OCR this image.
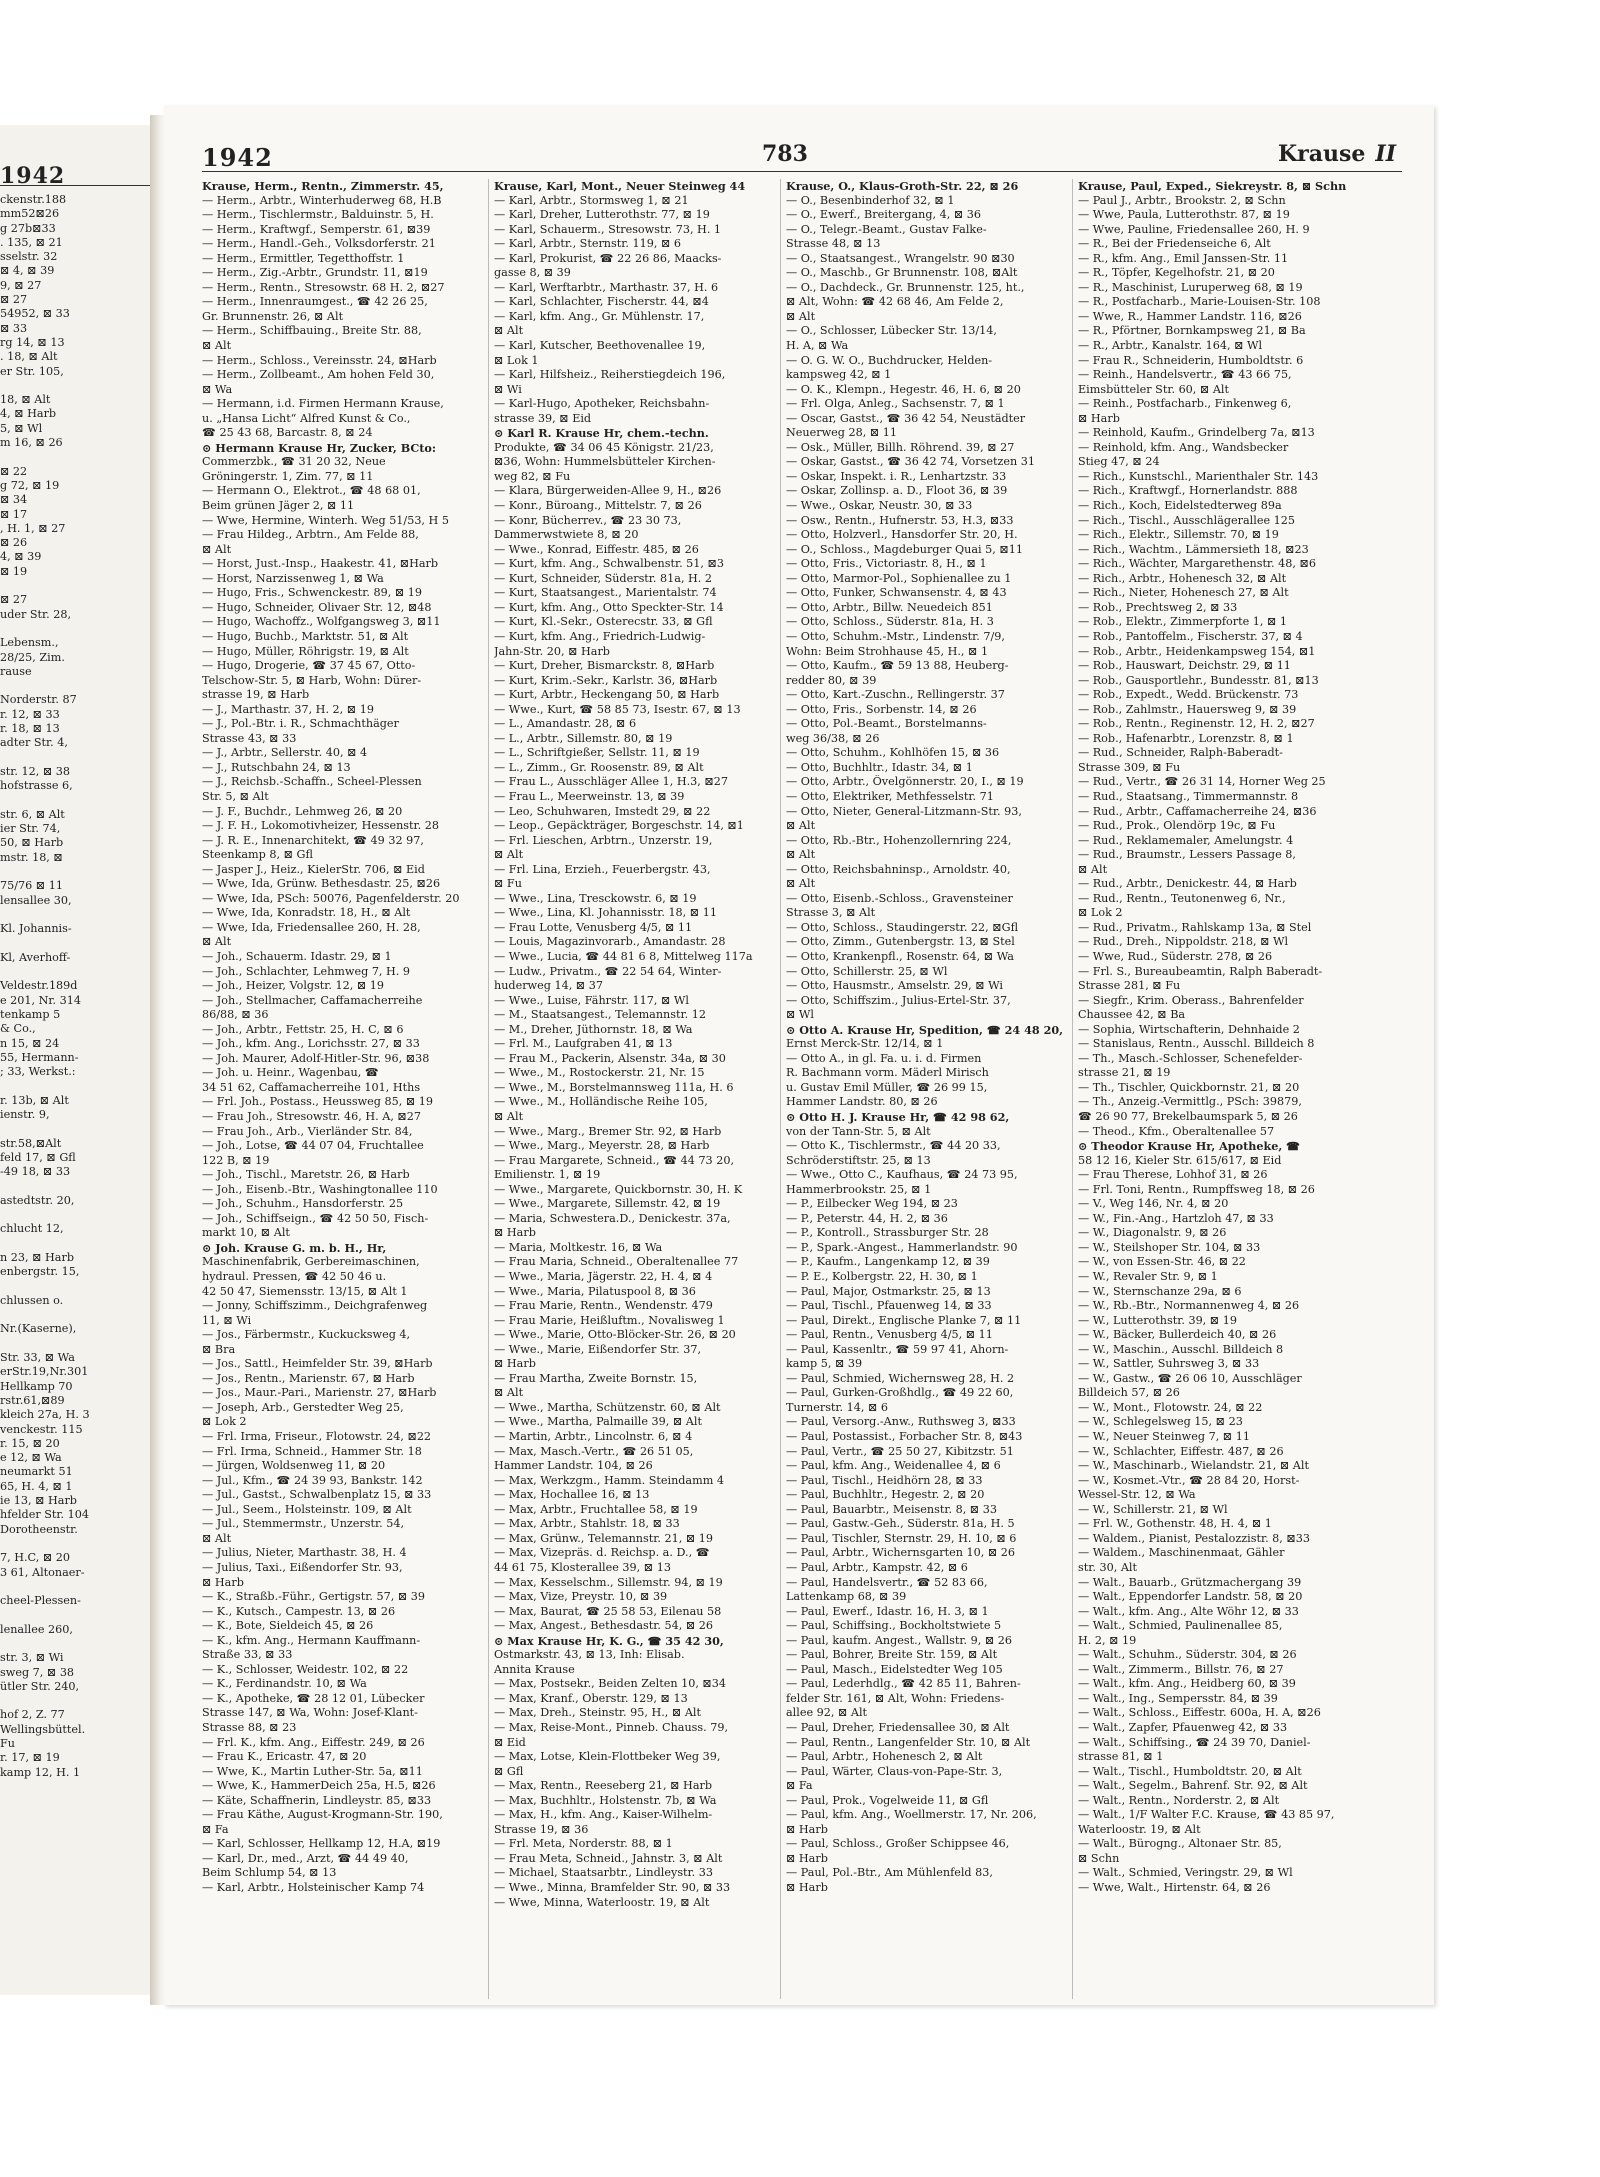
1942
ckenstr.188
mm52⊠26
g 27b⊠33
. 135, ⊠ 21
sselstr. 32
⊠ 4, ⊠ 39
9, ⊠ 27
⊠ 27
54952, ⊠ 33
⊠ 33
rg 14, ⊠ 13
. 18, ⊠ Alt
er Str. 105,
18, ⊠ Alt
4, ⊠ Harb
5, ⊠ Wl
m 16, ⊠ 26
⊠ 22
g 72, ⊠ 19
⊠ 34
⊠ 17
, H. 1, ⊠ 27
⊠ 26
4, ⊠ 39
⊠ 19
⊠ 27
uder Str. 28,
Lebensm.,
28/25, Zim.
rause
Norderstr. 87
r. 12, ⊠ 33
r. 18, ⊠ 13
adter Str. 4,
str. 12, ⊠ 38
hofstrasse 6,
str. 6, ⊠ Alt
ier Str. 74,
50, ⊠ Harb
mstr. 18, ⊠
75/76 ⊠ 11
lensallee 30,
Kl. Johannis-
Kl, Averhoff-
Veldestr.189d
e 201, Nr. 314
tenkamp 5
& Co.,
n 15, ⊠ 24
55, Hermann-
; 33, Werkst.:
r. 13b, ⊠ Alt
ienstr. 9,
str.58,⊠Alt
feld 17, ⊠ Gfl
-49 18, ⊠ 33
astedtstr. 20,
chlucht 12,
n 23, ⊠ Harb
enbergstr. 15,
chlussen o.
Nr.(Kaserne),
Str. 33, ⊠ Wa
erStr.19,Nr.301
Hellkamp 70
rstr.61,⊠89
kleich 27a, H. 3
venckestr. 115
r. 15, ⊠ 20
e 12, ⊠ Wa
neumarkt 51
65, H. 4, ⊠ 1
ie 13, ⊠ Harb
hfelder Str. 104
Dorotheenstr.
7, H.C, ⊠ 20
3 61, Altonaer-
cheel-Plessen-
lenallee 260,
str. 3, ⊠ Wi
sweg 7, ⊠ 38
ütler Str. 240,
hof 2, Z. 77
Wellingsbüttel.
Fu
r. 17, ⊠ 19
kamp 12, H. 1
1942	783	Krause II
Krause, Herm., Rentn., Zimmerstr. 45,
— Herm., Arbtr., Winterhuderweg 68, H.B
— Herm., Tischlermstr., Balduinstr. 5, H.
— Herm., Kraftwgf., Semperstr. 61, ⊠39
— Herm., Handl.-Geh., Volksdorferstr. 21
— Herm., Ermittler, Tegetthoffstr. 1
— Herm., Zig.-Arbtr., Grundstr. 11, ⊠19
— Herm., Rentn., Stresowstr. 68 H. 2, ⊠27
— Herm., Innenraumgest., ☎ 42 26 25,
Gr. Brunnenstr. 26, ⊠ Alt
— Herm., Schiffbauing., Breite Str. 88,
⊠ Alt
— Herm., Schloss., Vereinsstr. 24, ⊠Harb
— Herm., Zollbeamt., Am hohen Feld 30,
⊠ Wa
— Hermann, i.d. Firmen Hermann Krause,
u. „Hansa Licht“ Alfred Kunst & Co.,
☎ 25 43 68, Barcastr. 8, ⊠ 24
⊙ Hermann Krause Hr, Zucker, BCto:
Commerzbk., ☎ 31 20 32, Neue
Gröningerstr. 1, Zim. 77, ⊠ 11
— Hermann O., Elektrot., ☎ 48 68 01,
Beim grünen Jäger 2, ⊠ 11
— Wwe, Hermine, Winterh. Weg 51/53, H 5
— Frau Hildeg., Arbtrn., Am Felde 88,
⊠ Alt
— Horst, Just.-Insp., Haakestr. 41, ⊠Harb
— Horst, Narzissenweg 1, ⊠ Wa
— Hugo, Fris., Schwenckestr. 89, ⊠ 19
— Hugo, Schneider, Olivaer Str. 12, ⊠48
— Hugo, Wachoffz., Wolfgangsweg 3, ⊠11
— Hugo, Buchb., Marktstr. 51, ⊠ Alt
— Hugo, Müller, Röhrigstr. 19, ⊠ Alt
— Hugo, Drogerie, ☎ 37 45 67, Otto-
Telschow-Str. 5, ⊠ Harb, Wohn: Dürer-
strasse 19, ⊠ Harb
— J., Marthastr. 37, H. 2, ⊠ 19
— J., Pol.-Btr. i. R., Schmachthäger
Strasse 43, ⊠ 33
— J., Arbtr., Sellerstr. 40, ⊠ 4
— J., Rutschbahn 24, ⊠ 13
— J., Reichsb.-Schaffn., Scheel-Plessen
Str. 5, ⊠ Alt
— J. F., Buchdr., Lehmweg 26, ⊠ 20
— J. F. H., Lokomotivheizer, Hessenstr. 28
— J. R. E., Innenarchitekt, ☎ 49 32 97,
Steenkamp 8, ⊠ Gfl
— Jasper J., Heiz., KielerStr. 706, ⊠ Eid
— Wwe, Ida, Grünw. Bethesdastr. 25, ⊠26
— Wwe, Ida, PSch: 50076, Pagenfelderstr. 20
— Wwe, Ida, Konradstr. 18, H., ⊠ Alt
— Wwe, Ida, Friedensallee 260, H. 28,
⊠ Alt
— Joh., Schauerm. Idastr. 29, ⊠ 1
— Joh., Schlachter, Lehmweg 7, H. 9
— Joh., Heizer, Volgstr. 12, ⊠ 19
— Joh., Stellmacher, Caffamacherreihe
86/88, ⊠ 36
— Joh., Arbtr., Fettstr. 25, H. C, ⊠ 6
— Joh., kfm. Ang., Lorichsstr. 27, ⊠ 33
— Joh. Maurer, Adolf-Hitler-Str. 96, ⊠38
— Joh. u. Heinr., Wagenbau, ☎
34 51 62, Caffamacherreihe 101, Hths
— Frl. Joh., Postass., Heussweg 85, ⊠ 19
— Frau Joh., Stresowstr. 46, H. A, ⊠27
— Frau Joh., Arb., Vierländer Str. 84,
— Joh., Lotse, ☎ 44 07 04, Fruchtallee
122 B, ⊠ 19
— Joh., Tischl., Maretstr. 26, ⊠ Harb
— Joh., Eisenb.-Btr., Washingtonallee 110
— Joh., Schuhm., Hansdorferstr. 25
— Joh., Schiffseign., ☎ 42 50 50, Fisch-
markt 10, ⊠ Alt
⊙ Joh. Krause G. m. b. H., Hr,
Maschinenfabrik, Gerbereimaschinen,
hydraul. Pressen, ☎ 42 50 46 u.
42 50 47, Siemensstr. 13/15, ⊠ Alt 1
— Jonny, Schiffszimm., Deichgrafenweg
11, ⊠ Wi
— Jos., Färbermstr., Kuckucksweg 4,
⊠ Bra
— Jos., Sattl., Heimfelder Str. 39, ⊠Harb
— Jos., Rentn., Marienstr. 67, ⊠ Harb
— Jos., Maur.-Pari., Marienstr. 27, ⊠Harb
— Joseph, Arb., Gerstedter Weg 25,
⊠ Lok 2
— Frl. Irma, Friseur., Flotowstr. 24, ⊠22
— Frl. Irma, Schneid., Hammer Str. 18
— Jürgen, Woldsenweg 11, ⊠ 20
— Jul., Kfm., ☎ 24 39 93, Bankstr. 142
— Jul., Gastst., Schwalbenplatz 15, ⊠ 33
— Jul., Seem., Holsteinstr. 109, ⊠ Alt
— Jul., Stemmermstr., Unzerstr. 54,
⊠ Alt
— Julius, Nieter, Marthastr. 38, H. 4
— Julius, Taxi., Eißendorfer Str. 93,
⊠ Harb
— K., Straßb.-Führ., Gertigstr. 57, ⊠ 39
— K., Kutsch., Campestr. 13, ⊠ 26
— K., Bote, Sieldeich 45, ⊠ 26
— K., kfm. Ang., Hermann Kauffmann-
Straße 33, ⊠ 33
— K., Schlosser, Weidestr. 102, ⊠ 22
— K., Ferdinandstr. 10, ⊠ Wa
— K., Apotheke, ☎ 28 12 01, Lübecker
Strasse 147, ⊠ Wa, Wohn: Josef-Klant-
Strasse 88, ⊠ 23
— Frl. K., kfm. Ang., Eiffestr. 249, ⊠ 26
— Frau K., Ericastr. 47, ⊠ 20
— Wwe, K., Martin Luther-Str. 5a, ⊠11
— Wwe, K., HammerDeich 25a, H.5, ⊠26
— Käte, Schaffnerin, Lindleystr. 85, ⊠33
— Frau Käthe, August-Krogmann-Str. 190,
⊠ Fa
— Karl, Schlosser, Hellkamp 12, H.A, ⊠19
— Karl, Dr., med., Arzt, ☎ 44 49 40,
Beim Schlump 54, ⊠ 13
— Karl, Arbtr., Holsteinischer Kamp 74
Krause, Karl, Mont., Neuer Steinweg 44
— Karl, Arbtr., Stormsweg 1, ⊠ 21
— Karl, Dreher, Lutterothstr. 77, ⊠ 19
— Karl, Schauerm., Stresowstr. 73, H. 1
— Karl, Arbtr., Sternstr. 119, ⊠ 6
— Karl, Prokurist, ☎ 22 26 86, Maacks-
gasse 8, ⊠ 39
— Karl, Werftarbtr., Marthastr. 37, H. 6
— Karl, Schlachter, Fischerstr. 44, ⊠4
— Karl, kfm. Ang., Gr. Mühlenstr. 17,
⊠ Alt
— Karl, Kutscher, Beethovenallee 19,
⊠ Lok 1
— Karl, Hilfsheiz., Reiherstiegdeich 196,
⊠ Wi
— Karl-Hugo, Apotheker, Reichsbahn-
strasse 39, ⊠ Eid
⊙ Karl R. Krause Hr, chem.-techn.
Produkte, ☎ 34 06 45 Königstr. 21/23,
⊠36, Wohn: Hummelsbütteler Kirchen-
weg 82, ⊠ Fu
— Klara, Bürgerweiden-Allee 9, H., ⊠26
— Konr., Büroang., Mittelstr. 7, ⊠ 26
— Konr, Bücherrev., ☎ 23 30 73,
Dammerwstwiete 8, ⊠ 20
— Wwe., Konrad, Eiffestr. 485, ⊠ 26
— Kurt, kfm. Ang., Schwalbenstr. 51, ⊠3
— Kurt, Schneider, Süderstr. 81a, H. 2
— Kurt, Staatsangest., Marientalstr. 74
— Kurt, kfm. Ang., Otto Speckter-Str. 14
— Kurt, Kl.-Sekr., Osterecstr. 33, ⊠ Gfl
— Kurt, kfm. Ang., Friedrich-Ludwig-
Jahn-Str. 20, ⊠ Harb
— Kurt, Dreher, Bismarckstr. 8, ⊠Harb
— Kurt, Krim.-Sekr., Karlstr. 36, ⊠Harb
— Kurt, Arbtr., Heckengang 50, ⊠ Harb
— Wwe., Kurt, ☎ 58 85 73, Isestr. 67, ⊠ 13
— L., Amandastr. 28, ⊠ 6
— L., Arbtr., Sillemstr. 80, ⊠ 19
— L., Schriftgießer, Sellstr. 11, ⊠ 19
— L., Zimm., Gr. Roosenstr. 89, ⊠ Alt
— Frau L., Ausschläger Allee 1, H.3, ⊠27
— Frau L., Meerweinstr. 13, ⊠ 39
— Leo, Schuhwaren, Imstedt 29, ⊠ 22
— Leop., Gepäckträger, Borgeschstr. 14, ⊠1
— Frl. Lieschen, Arbtrn., Unzerstr. 19,
⊠ Alt
— Frl. Lina, Erzieh., Feuerbergstr. 43,
⊠ Fu
— Wwe., Lina, Tresckowstr. 6, ⊠ 19
— Wwe., Lina, Kl. Johannisstr. 18, ⊠ 11
— Frau Lotte, Venusberg 4/5, ⊠ 11
— Louis, Magazinvorarb., Amandastr. 28
— Wwe., Lucia, ☎ 44 81 6 8, Mittelweg 117a
— Ludw., Privatm., ☎ 22 54 64, Winter-
huderweg 14, ⊠ 37
— Wwe., Luise, Fährstr. 117, ⊠ Wl
— M., Staatsangest., Telemannstr. 12
— M., Dreher, Jüthornstr. 18, ⊠ Wa
— Frl. M., Laufgraben 41, ⊠ 13
— Frau M., Packerin, Alsenstr. 34a, ⊠ 30
— Wwe., M., Rostockerstr. 21, Nr. 15
— Wwe., M., Borstelmannsweg 111a, H. 6
— Wwe., M., Holländische Reihe 105,
⊠ Alt
— Wwe., Marg., Bremer Str. 92, ⊠ Harb
— Wwe., Marg., Meyerstr. 28, ⊠ Harb
— Frau Margarete, Schneid., ☎ 44 73 20,
Emilienstr. 1, ⊠ 19
— Wwe., Margarete, Quickbornstr. 30, H. K
— Wwe., Margarete, Sillemstr. 42, ⊠ 19
— Maria, Schwestera.D., Denickestr. 37a,
⊠ Harb
— Maria, Moltkestr. 16, ⊠ Wa
— Frau Maria, Schneid., Oberaltenallee 77
— Wwe., Maria, Jägerstr. 22, H. 4, ⊠ 4
— Wwe., Maria, Pilatuspool 8, ⊠ 36
— Frau Marie, Rentn., Wendenstr. 479
— Frau Marie, Heißluftm., Novalisweg 1
— Wwe., Marie, Otto-Blöcker-Str. 26, ⊠ 20
— Wwe., Marie, Eißendorfer Str. 37,
⊠ Harb
— Frau Martha, Zweite Bornstr. 15,
⊠ Alt
— Wwe., Martha, Schützenstr. 60, ⊠ Alt
— Wwe., Martha, Palmaille 39, ⊠ Alt
— Martin, Arbtr., Lincolnstr. 6, ⊠ 4
— Max, Masch.-Vertr., ☎ 26 51 05,
Hammer Landstr. 104, ⊠ 26
— Max, Werkzgm., Hamm. Steindamm 4
— Max, Hochallee 16, ⊠ 13
— Max, Arbtr., Fruchtallee 58, ⊠ 19
— Max, Arbtr., Stahlstr. 18, ⊠ 33
— Max, Grünw., Telemannstr. 21, ⊠ 19
— Max, Vizepräs. d. Reichsp. a. D., ☎
44 61 75, Klosterallee 39, ⊠ 13
— Max, Kesselschm., Sillemstr. 94, ⊠ 19
— Max, Vize, Preystr. 10, ⊠ 39
— Max, Baurat, ☎ 25 58 53, Eilenau 58
— Max, Angest., Bethesdastr. 54, ⊠ 26
⊙ Max Krause Hr, K. G., ☎ 35 42 30,
Ostmarkstr. 43, ⊠ 13, Inh: Elisab.
Annita Krause
— Max, Postsekr., Beiden Zelten 10, ⊠34
— Max, Kranf., Oberstr. 129, ⊠ 13
— Max, Dreh., Steinstr. 95, H., ⊠ Alt
— Max, Reise-Mont., Pinneb. Chauss. 79,
⊠ Eid
— Max, Lotse, Klein-Flottbeker Weg 39,
⊠ Gfl
— Max, Rentn., Reeseberg 21, ⊠ Harb
— Max, Buchhltr., Holstenstr. 7b, ⊠ Wa
— Max, H., kfm. Ang., Kaiser-Wilhelm-
Strasse 19, ⊠ 36
— Frl. Meta, Norderstr. 88, ⊠ 1
— Frau Meta, Schneid., Jahnstr. 3, ⊠ Alt
— Michael, Staatsarbtr., Lindleystr. 33
— Wwe., Minna, Bramfelder Str. 90, ⊠ 33
— Wwe, Minna, Waterloostr. 19, ⊠ Alt
Krause, O., Klaus-Groth-Str. 22, ⊠ 26
— O., Besenbinderhof 32, ⊠ 1
— O., Ewerf., Breitergang, 4, ⊠ 36
— O., Telegr.-Beamt., Gustav Falke-
Strasse 48, ⊠ 13
— O., Staatsangest., Wrangelstr. 90 ⊠30
— O., Maschb., Gr Brunnenstr. 108, ⊠Alt
— O., Dachdeck., Gr. Brunnenstr. 125, ht.,
⊠ Alt, Wohn: ☎ 42 68 46, Am Felde 2,
⊠ Alt
— O., Schlosser, Lübecker Str. 13/14,
H. A, ⊠ Wa
— O. G. W. O., Buchdrucker, Helden-
kampsweg 42, ⊠ 1
— O. K., Klempn., Hegestr. 46, H. 6, ⊠ 20
— Frl. Olga, Anleg., Sachsenstr. 7, ⊠ 1
— Oscar, Gastst., ☎ 36 42 54, Neustädter
Neuerweg 28, ⊠ 11
— Osk., Müller, Billh. Röhrend. 39, ⊠ 27
— Oskar, Gastst., ☎ 36 42 74, Vorsetzen 31
— Oskar, Inspekt. i. R., Lenhartzstr. 33
— Oskar, Zollinsp. a. D., Floot 36, ⊠ 39
— Wwe., Oskar, Neustr. 30, ⊠ 33
— Osw., Rentn., Hufnerstr. 53, H.3, ⊠33
— Otto, Holzverl., Hansdorfer Str. 20, H.
— O., Schloss., Magdeburger Quai 5, ⊠11
— Otto, Fris., Victoriastr. 8, H., ⊠ 1
— Otto, Marmor-Pol., Sophienallee zu 1
— Otto, Funker, Schwansenstr. 4, ⊠ 43
— Otto, Arbtr., Billw. Neuedeich 851
— Otto, Schloss., Süderstr. 81a, H. 3
— Otto, Schuhm.-Mstr., Lindenstr. 7/9,
Wohn: Beim Strohhause 45, H., ⊠ 1
— Otto, Kaufm., ☎ 59 13 88, Heuberg-
redder 80, ⊠ 39
— Otto, Kart.-Zuschn., Rellingerstr. 37
— Otto, Fris., Sorbenstr. 14, ⊠ 26
— Otto, Pol.-Beamt., Borstelmanns-
weg 36/38, ⊠ 26
— Otto, Schuhm., Kohlhöfen 15, ⊠ 36
— Otto, Buchhltr., Idastr. 34, ⊠ 1
— Otto, Arbtr., Övelgönnerstr. 20, I., ⊠ 19
— Otto, Elektriker, Methfesselstr. 71
— Otto, Nieter, General-Litzmann-Str. 93,
⊠ Alt
— Otto, Rb.-Btr., Hohenzollernring 224,
⊠ Alt
— Otto, Reichsbahninsp., Arnoldstr. 40,
⊠ Alt
— Otto, Eisenb.-Schloss., Gravensteiner
Strasse 3, ⊠ Alt
— Otto, Schloss., Staudingerstr. 22, ⊠Gfl
— Otto, Zimm., Gutenbergstr. 13, ⊠ Stel
— Otto, Krankenpfl., Rosenstr. 64, ⊠ Wa
— Otto, Schillerstr. 25, ⊠ Wl
— Otto, Hausmstr., Amselstr. 29, ⊠ Wi
— Otto, Schiffszim., Julius-Ertel-Str. 37,
⊠ Wl
⊙ Otto A. Krause Hr, Spedition, ☎ 24 48 20,
Ernst Merck-Str. 12/14, ⊠ 1
— Otto A., in gl. Fa. u. i. d. Firmen
R. Bachmann vorm. Mäderl Mirisch
u. Gustav Emil Müller, ☎ 26 99 15,
Hammer Landstr. 80, ⊠ 26
⊙ Otto H. J. Krause Hr, ☎ 42 98 62,
von der Tann-Str. 5, ⊠ Alt
— Otto K., Tischlermstr., ☎ 44 20 33,
Schröderstiftstr. 25, ⊠ 13
— Wwe., Otto C., Kaufhaus, ☎ 24 73 95,
Hammerbrookstr. 25, ⊠ 1
— P., Eilbecker Weg 194, ⊠ 23
— P., Peterstr. 44, H. 2, ⊠ 36
— P., Kontroll., Strassburger Str. 28
— P., Spark.-Angest., Hammerlandstr. 90
— P., Kaufm., Langenkamp 12, ⊠ 39
— P. E., Kolbergstr. 22, H. 30, ⊠ 1
— Paul, Major, Ostmarkstr. 25, ⊠ 13
— Paul, Tischl., Pfauenweg 14, ⊠ 33
— Paul, Direkt., Englische Planke 7, ⊠ 11
— Paul, Rentn., Venusberg 4/5, ⊠ 11
— Paul, Kassenltr., ☎ 59 97 41, Ahorn-
kamp 5, ⊠ 39
— Paul, Schmied, Wichernsweg 28, H. 2
— Paul, Gurken-Großhdlg., ☎ 49 22 60,
Turnerstr. 14, ⊠ 6
— Paul, Versorg.-Anw., Ruthsweg 3, ⊠33
— Paul, Postassist., Forbacher Str. 8, ⊠43
— Paul, Vertr., ☎ 25 50 27, Kibitzstr. 51
— Paul, kfm. Ang., Weidenallee 4, ⊠ 6
— Paul, Tischl., Heidhörn 28, ⊠ 33
— Paul, Buchhltr., Hegestr. 2, ⊠ 20
— Paul, Bauarbtr., Meisenstr. 8, ⊠ 33
— Paul, Gastw.-Geh., Süderstr. 81a, H. 5
— Paul, Tischler, Sternstr. 29, H. 10, ⊠ 6
— Paul, Arbtr., Wichernsgarten 10, ⊠ 26
— Paul, Arbtr., Kampstr. 42, ⊠ 6
— Paul, Handelsvertr., ☎ 52 83 66,
Lattenkamp 68, ⊠ 39
— Paul, Ewerf., Idastr. 16, H. 3, ⊠ 1
— Paul, Schiffsing., Bockholtstwiete 5
— Paul, kaufm. Angest., Wallstr. 9, ⊠ 26
— Paul, Bohrer, Breite Str. 159, ⊠ Alt
— Paul, Masch., Eidelstedter Weg 105
— Paul, Lederhdlg., ☎ 42 85 11, Bahren-
felder Str. 161, ⊠ Alt, Wohn: Friedens-
allee 92, ⊠ Alt
— Paul, Dreher, Friedensallee 30, ⊠ Alt
— Paul, Rentn., Langenfelder Str. 10, ⊠ Alt
— Paul, Arbtr., Hohenesch 2, ⊠ Alt
— Paul, Wärter, Claus-von-Pape-Str. 3,
⊠ Fa
— Paul, Prok., Vogelweide 11, ⊠ Gfl
— Paul, kfm. Ang., Woellmerstr. 17, Nr. 206,
⊠ Harb
— Paul, Schloss., Großer Schippsee 46,
⊠ Harb
— Paul, Pol.-Btr., Am Mühlenfeld 83,
⊠ Harb
Krause, Paul, Exped., Siekreystr. 8, ⊠ Schn
— Paul J., Arbtr., Brookstr. 2, ⊠ Schn
— Wwe, Paula, Lutterothstr. 87, ⊠ 19
— Wwe, Pauline, Friedensallee 260, H. 9
— R., Bei der Friedenseiche 6, Alt
— R., kfm. Ang., Emil Janssen-Str. 11
— R., Töpfer, Kegelhofstr. 21, ⊠ 20
— R., Maschinist, Luruperweg 68, ⊠ 19
— R., Postfacharb., Marie-Louisen-Str. 108
— Wwe, R., Hammer Landstr. 116, ⊠26
— R., Pförtner, Bornkampsweg 21, ⊠ Ba
— R., Arbtr., Kanalstr. 164, ⊠ Wl
— Frau R., Schneiderin, Humboldtstr. 6
— Reinh., Handelsvertr., ☎ 43 66 75,
Eimsbütteler Str. 60, ⊠ Alt
— Reinh., Postfacharb., Finkenweg 6,
⊠ Harb
— Reinhold, Kaufm., Grindelberg 7a, ⊠13
— Reinhold, kfm. Ang., Wandsbecker
Stieg 47, ⊠ 24
— Rich., Kunstschl., Marienthaler Str. 143
— Rich., Kraftwgf., Hornerlandstr. 888
— Rich., Koch, Eidelstedterweg 89a
— Rich., Tischl., Ausschlägerallee 125
— Rich., Elektr., Sillemstr. 70, ⊠ 19
— Rich., Wachtm., Lämmersieth 18, ⊠23
— Rich., Wächter, Margarethenstr. 48, ⊠6
— Rich., Arbtr., Hohenesch 32, ⊠ Alt
— Rich., Nieter, Hohenesch 27, ⊠ Alt
— Rob., Prechtsweg 2, ⊠ 33
— Rob., Elektr., Zimmerpforte 1, ⊠ 1
— Rob., Pantoffelm., Fischerstr. 37, ⊠ 4
— Rob., Arbtr., Heidenkampsweg 154, ⊠1
— Rob., Hauswart, Deichstr. 29, ⊠ 11
— Rob., Gausportlehr., Bundesstr. 81, ⊠13
— Rob., Expedt., Wedd. Brückenstr. 73
— Rob., Zahlmstr., Hauersweg 9, ⊠ 39
— Rob., Rentn., Reginenstr. 12, H. 2, ⊠27
— Rob., Hafenarbtr., Lorenzstr. 8, ⊠ 1
— Rud., Schneider, Ralph-Baberadt-
Strasse 309, ⊠ Fu
— Rud., Vertr., ☎ 26 31 14, Horner Weg 25
— Rud., Staatsang., Timmermannstr. 8
— Rud., Arbtr., Caffamacherreihe 24, ⊠36
— Rud., Prok., Olendörp 19c, ⊠ Fu
— Rud., Reklamemaler, Amelungstr. 4
— Rud., Braumstr., Lessers Passage 8,
⊠ Alt
— Rud., Arbtr., Denickestr. 44, ⊠ Harb
— Rud., Rentn., Teutonenweg 6, Nr.,
⊠ Lok 2
— Rud., Privatm., Rahlskamp 13a, ⊠ Stel
— Rud., Dreh., Nippoldstr. 218, ⊠ Wl
— Wwe, Rud., Süderstr. 278, ⊠ 26
— Frl. S., Bureaubeamtin, Ralph Baberadt-
Strasse 281, ⊠ Fu
— Siegfr., Krim. Oberass., Bahrenfelder
Chaussee 42, ⊠ Ba
— Sophia, Wirtschafterin, Dehnhaide 2
— Stanislaus, Rentn., Ausschl. Billdeich 8
— Th., Masch.-Schlosser, Schenefelder-
strasse 21, ⊠ 19
— Th., Tischler, Quickbornstr. 21, ⊠ 20
— Th., Anzeig.-Vermittlg., PSch: 39879,
☎ 26 90 77, Brekelbaumspark 5, ⊠ 26
— Theod., Kfm., Oberaltenallee 57
⊙ Theodor Krause Hr, Apotheke, ☎
58 12 16, Kieler Str. 615/617, ⊠ Eid
— Frau Therese, Lohhof 31, ⊠ 26
— Frl. Toni, Rentn., Rumpffsweg 18, ⊠ 26
— V., Weg 146, Nr. 4, ⊠ 20
— W., Fin.-Ang., Hartzloh 47, ⊠ 33
— W., Diagonalstr. 9, ⊠ 26
— W., Steilshoper Str. 104, ⊠ 33
— W., von Essen-Str. 46, ⊠ 22
— W., Revaler Str. 9, ⊠ 1
— W., Sternschanze 29a, ⊠ 6
— W., Rb.-Btr., Normannenweg 4, ⊠ 26
— W., Lutterothstr. 39, ⊠ 19
— W., Bäcker, Bullerdeich 40, ⊠ 26
— W., Maschin., Ausschl. Billdeich 8
— W., Sattler, Suhrsweg 3, ⊠ 33
— W., Gastw., ☎ 26 06 10, Ausschläger
Billdeich 57, ⊠ 26
— W., Mont., Flotowstr. 24, ⊠ 22
— W., Schlegelsweg 15, ⊠ 23
— W., Neuer Steinweg 7, ⊠ 11
— W., Schlachter, Eiffestr. 487, ⊠ 26
— W., Maschinarb., Wielandstr. 21, ⊠ Alt
— W., Kosmet.-Vtr., ☎ 28 84 20, Horst-
Wessel-Str. 12, ⊠ Wa
— W., Schillerstr. 21, ⊠ Wl
— Frl. W., Gothenstr. 48, H. 4, ⊠ 1
— Waldem., Pianist, Pestalozzistr. 8, ⊠33
— Waldem., Maschinenmaat, Gähler
str. 30, Alt
— Walt., Bauarb., Grützmachergang 39
— Walt., Eppendorfer Landstr. 58, ⊠ 20
— Walt., kfm. Ang., Alte Wöhr 12, ⊠ 33
— Walt., Schmied, Paulinenallee 85,
H. 2, ⊠ 19
— Walt., Schuhm., Süderstr. 304, ⊠ 26
— Walt., Zimmerm., Billstr. 76, ⊠ 27
— Walt., kfm. Ang., Heidberg 60, ⊠ 39
— Walt., Ing., Sempersstr. 84, ⊠ 39
— Walt., Schloss., Eiffestr. 600a, H. A, ⊠26
— Walt., Zapfer, Pfauenweg 42, ⊠ 33
— Walt., Schiffsing., ☎ 24 39 70, Daniel-
strasse 81, ⊠ 1
— Walt., Tischl., Humboldtstr. 20, ⊠ Alt
— Walt., Segelm., Bahrenf. Str. 92, ⊠ Alt
— Walt., Rentn., Norderstr. 2, ⊠ Alt
— Walt., 1/F Walter F.C. Krause, ☎ 43 85 97,
Waterloostr. 19, ⊠ Alt
— Walt., Bürogng., Altonaer Str. 85,
⊠ Schn
— Walt., Schmied, Veringstr. 29, ⊠ Wl
— Wwe, Walt., Hirtenstr. 64, ⊠ 26
